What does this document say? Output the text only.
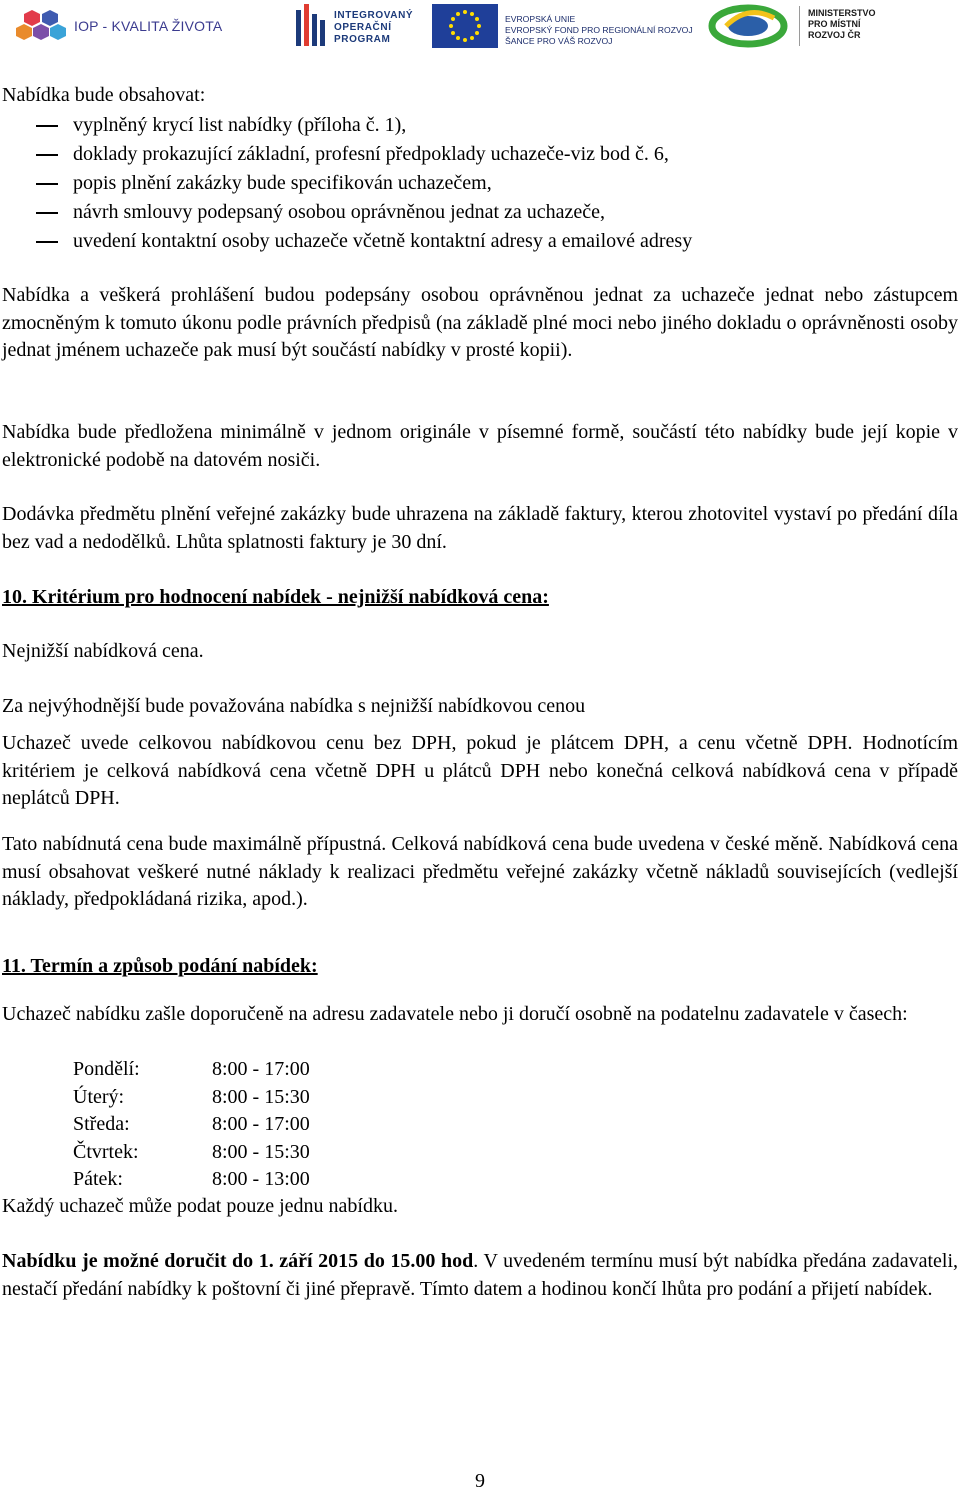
IOP - KVALITA ŽIVOTA
INTEGROVANÝ
OPERAČNÍ
PROGRAM
EVROPSKÁ UNIE
EVROPSKÝ FOND PRO REGIONÁLNÍ ROZVOJ
ŠANCE PRO VÁŠ ROZVOJ
MINISTERSTVO
PRO MÍSTNÍ
ROZVOJ ČR
Nabídka bude obsahovat:
vyplněný krycí list nabídky (příloha č. 1),
doklady prokazující základní, profesní předpoklady uchazeče-viz bod č. 6,
popis plnění zakázky bude specifikován uchazečem,
návrh smlouvy podepsaný osobou oprávněnou jednat za uchazeče,
uvedení kontaktní osoby uchazeče včetně kontaktní adresy a emailové adresy
Nabídka a veškerá prohlášení budou podepsány osobou oprávněnou jednat za uchazeče jednat nebo zástupcem zmocněným k tomuto úkonu podle právních předpisů (na základě plné moci nebo jiného dokladu o oprávněnosti osoby jednat jménem uchazeče pak musí být součástí nabídky v prosté kopii).
Nabídka bude předložena minimálně v jednom originále v písemné formě, součástí této nabídky bude její kopie v elektronické podobě na datovém nosiči.
Dodávka předmětu plnění veřejné zakázky bude uhrazena na základě faktury, kterou zhotovitel vystaví po předání díla bez vad a nedodělků. Lhůta splatnosti faktury je 30 dní.
10. Kritérium pro hodnocení nabídek - nejnižší nabídková cena:
Nejnižší nabídková cena.
Za nejvýhodnější bude považována nabídka s nejnižší nabídkovou cenou
Uchazeč uvede celkovou nabídkovou cenu bez DPH, pokud je plátcem DPH, a cenu včetně DPH. Hodnotícím kritériem je celková nabídková cena včetně DPH u plátců DPH nebo konečná celková nabídková cena v případě neplátců DPH.
Tato nabídnutá cena bude maximálně přípustná. Celková nabídková cena bude uvedena v české měně. Nabídková cena musí obsahovat veškeré nutné náklady k realizaci předmětu veřejné zakázky včetně nákladů souvisejících (vedlejší náklady, předpokládaná rizika, apod.).
11. Termín a způsob podání nabídek:
Uchazeč nabídku zašle doporučeně na adresu zadavatele nebo ji doručí osobně na podatelnu zadavatele v časech:
Pondělí:	8:00 - 17:00
Úterý:	8:00 - 15:30
Středa:	8:00 - 17:00
Čtvrtek:	8:00 - 15:30
Pátek:	8:00 - 13:00
Každý uchazeč může podat pouze jednu nabídku.
Nabídku je možné doručit do 1. září 2015 do 15.00 hod. V uvedeném termínu musí být nabídka předána zadavateli, nestačí předání nabídky k poštovní či jiné přepravě. Tímto datem a hodinou končí lhůta pro podání a přijetí nabídek.
9
